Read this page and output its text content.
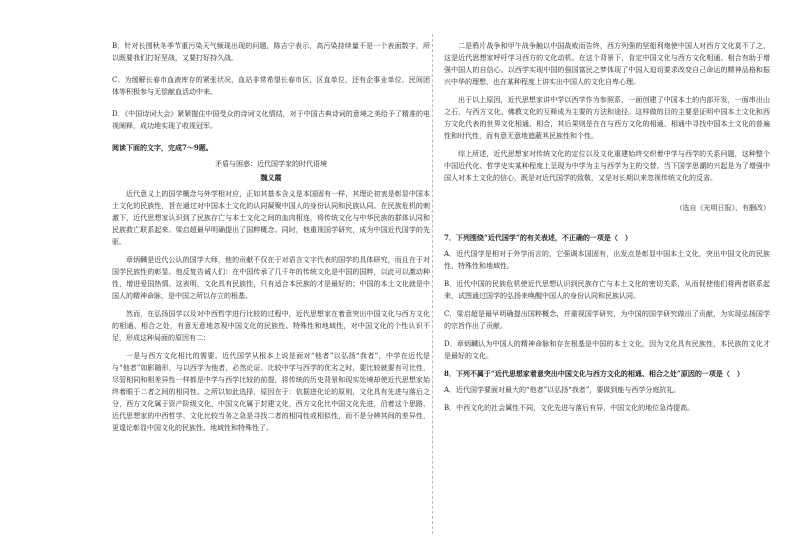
B．针对长围秋冬季节重污染天气频现出现的问题，陈吉宁表示，高污染持续量不是一个表面数字，所以既要我们打好坚战，又要打好持久战。

C．为缓解长春市血液库存的紧张状况，血站非常希望长春市区、区直单位，还有企事业单位、民间团体等积极参与无偿献血活动中来。

D．《中国诗词大会》紧紧握住中国受众的诗词文化情结，对于中国古典诗词的意境之美给予了精准的电视阐释，成功地实现了收视冠军。

阅读下面的文字，完成7～9题。

矛盾与困惑：近代国学家的时代语境

魏义霞

近代意义上的国学概念与外学相对应，正如其基本含义是本国固有一样，其理论初衷是彰显中国本土文化的民族性，旨在通过对中国本土文化的认同凝聚中国人的身份认同和民族认同。在民族危机的刺激下，近代思想家认识到了民族存亡与本土文化之间的血肉相连，将传统文化与中华民族的群体认同和民族救亡联系起来。梁启超最早明确提出了国粹概念。同时，他重视国学研究，成为中国近代国学的先驱。

章炳麟是近代公认的国学大师，他的贡献不仅在于对语言文字代表的国学的具体研究，而且在于对国学民族性的彰显。他反复告诫人们：在中国传承了几千年的传统文化是中国的国粹，以此可以激动种性，增进爱国热情。这表明，文化具有民族性，只有适合本民族的才是最好的；中国的本土文化就是中国人的精神命脉，是中国之所以存立的根基。

然而，在弘扬国学以及对中西哲学进行比较的过程中，近代思想家在着意突出中国文化与西方文化的相通、相合之处，有意无意地忽视中国文化的民族性、特殊性和地域性，对中国文化的个性认识不足，形成这种局面的原因有二：

一是与西方文化相比的需要。近代国学从根本上说是面对“他者”以弘扬“我者”，中学在近代是与“他者”如影随形，与以西学为他者，必然论证、比较中学与西学的优劣之时，要比较就要有可比性，尽管相同和相差异性一样都是中学与西学比较的前提，将传统的历史背景和现实处境却使近代思想家始终着眼于二者之间的相同性。之所以如此选择，原因在于：依据进化论的原则，文化具有先进与落后之分，西方文化属于资产阶级文化，中国文化属于封建文化，西方文化比中国文化先进，沿着这个思路，近代思想家的中西哲学、文化比较当务之急是寻找二者的相同性或相似性，而不是分辨其间的差异性，更遑论彰显中国文化的民族性、地域性和特殊性了。

二是鸦片战争和甲午战争触以中国战败而告终，西方列强的坚船利炮使中国人对西方文化莫不了之，这是近代思想家呼吁学习西方的文化动机。在这个背景下，肯定中国文化与西方文化相通、相合有助于增强中国人的自信心。以西学实现中国的强国富民之梦体现了中国人迫切要求改变自己命运的精神品格和振兴中华的理想，也在某种程度上讲实出中国人的文化自卑心理。

出于以上原因，近代思想家讲中学以西学作为参照系，一面创建了中国本土的内部开发，一面串出山之石，与西方文化、佛教文化的互释成为主要的方法和途径。这样做的目的主要是证明中国本土文化和西方文化代表的世界文化相通、相合，其后果则是在在与西方文化的相通、相通中寻找中国本土文化的普遍性和时代性，而有意无意地遮蔽其民族性和个性。

综上所述，近代思想家对传统文化的定位以及文化重建始终交织着中学与西学的关系问题，这种整个中国近代化、哲学史实某种程度上呈现为中学为主与西学为主的交替。当下国学思潮的兴起是为了增强中国人对本土文化的信心，既是对近代国学的致敬，又是对长期以来忽视传统文化的反省。

（选自《光明日报》，有删改）

7．下列围绕“近代国学”的有关表述，不正确的一项是（　）

A．近代国学是相对于外学而言的，它强调本国固有，出发点是彰显中国本土文化，突出中国文化的民族性、特殊性和地域性。

B．近代中国的民族危机使近代思想认识到民族存亡与本土文化的密切关系，从而促使他们将两者联系起来，试图通过国学的弘扬来唤醒中国人的身份认同和民族认同。

C．梁启超是最早明确提出国粹概念，并重视国学研究，为中国的国学研究做出了贡献，为实现弘扬国学的宗旨作出了贡献。

D．章炳麟认为中国人的精神命脉和存在根基是中国的本土文化，因为文化具有民族性，本民族的文化才是最好的文化。

8．下列不属于“近代思想家着意突出中国文化与西方文化的相通、相合之处”原因的一项是（　）

A．近代国学要面对最大的“他者”以弘扬“我者”，要做到能与西学分庭抗礼。

B．中西文化的社会属性不同，文化先进与落后有异，中国文化的地位急待提高。
